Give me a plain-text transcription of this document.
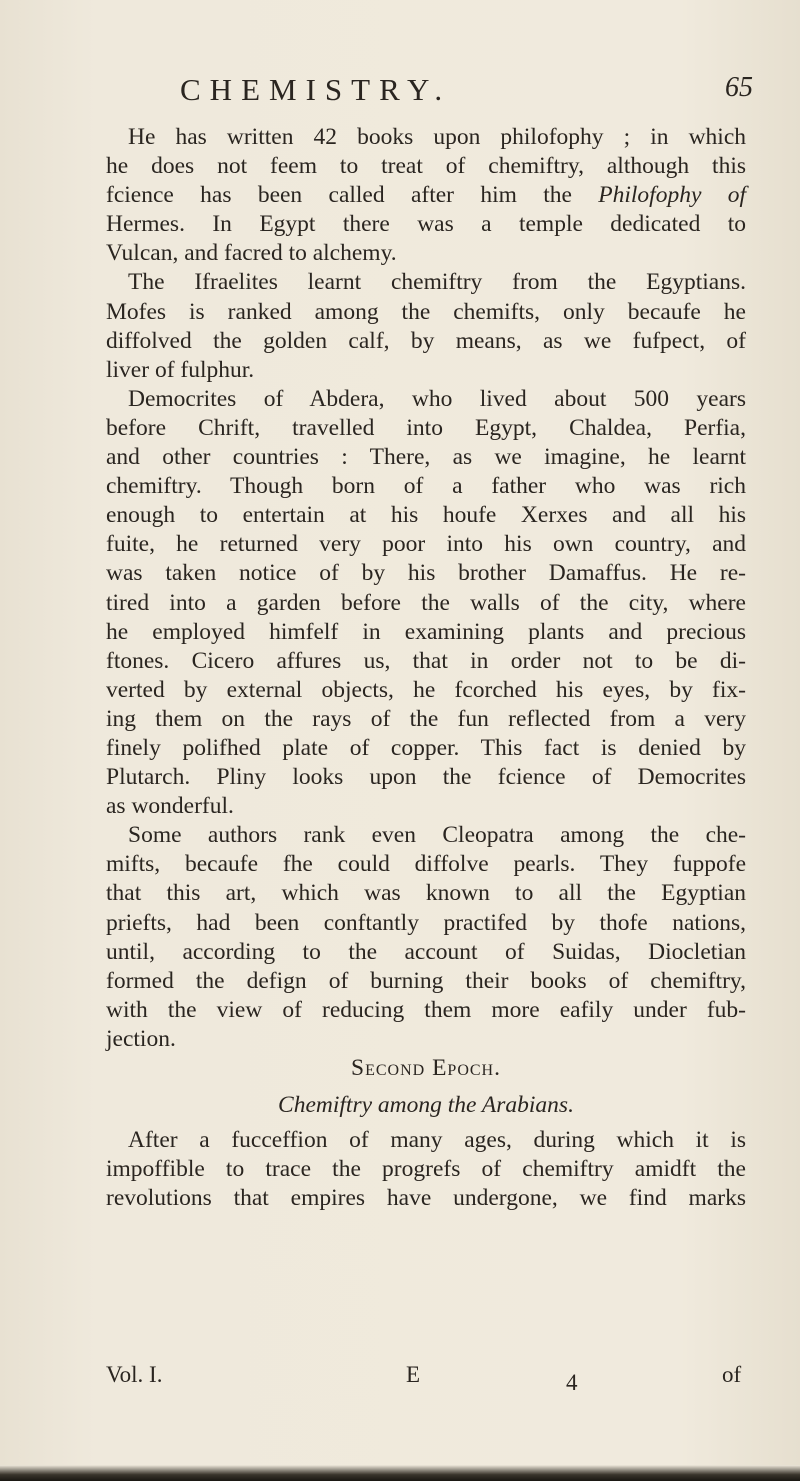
CHEMISTRY.	65
He has written 42 books upon philofophy ; in which
he does not feem to treat of chemiftry, although this
fcience has been called after him the Philofophy of
Hermes. In Egypt there was a temple dedicated to
Vulcan, and facred to alchemy.
The Ifraelites learnt chemiftry from the Egyptians.
Mofes is ranked among the chemifts, only becaufe he
diffolved the golden calf, by means, as we fufpect, of
liver of fulphur.
Democrites of Abdera, who lived about 500 years
before Chrift, travelled into Egypt, Chaldea, Perfia,
and other countries : There, as we imagine, he learnt
chemiftry. Though born of a father who was rich
enough to entertain at his houfe Xerxes and all his
fuite, he returned very poor into his own country, and
was taken notice of by his brother Damaffus. He re-
tired into a garden before the walls of the city, where
he employed himfelf in examining plants and precious
ftones. Cicero affures us, that in order not to be di-
verted by external objects, he fcorched his eyes, by fix-
ing them on the rays of the fun reflected from a very
finely polifhed plate of copper. This fact is denied by
Plutarch. Pliny looks upon the fcience of Democrites
as wonderful.
Some authors rank even Cleopatra among the che-
mifts, becaufe fhe could diffolve pearls. They fuppofe
that this art, which was known to all the Egyptian
priefts, had been conftantly practifed by thofe nations,
until, according to the account of Suidas, Diocletian
formed the defign of burning their books of chemiftry,
with the view of reducing them more eafily under fub-
jection.
Second Epoch.
Chemiftry among the Arabians.
After a fucceffion of many ages, during which it is
impoffible to trace the progrefs of chemiftry amidft the
revolutions that empires have undergone, we find marks
Vol. I.	E	4	of
